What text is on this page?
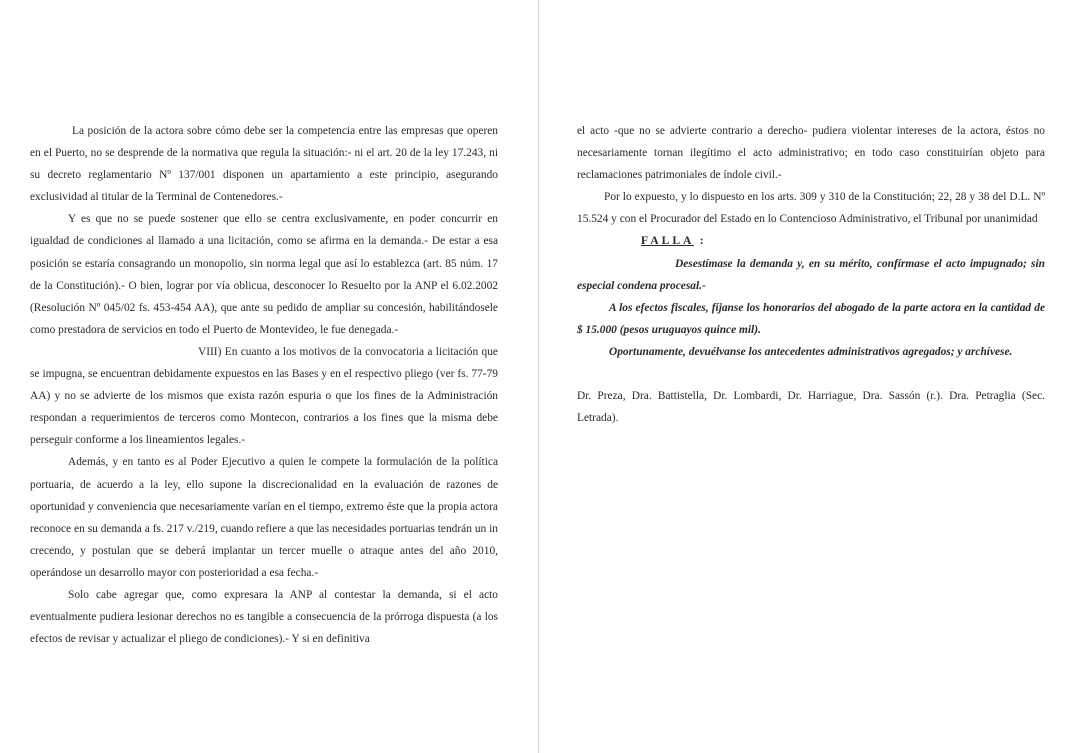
La posición de la actora sobre cómo debe ser la competencia entre las empresas que operen en el Puerto, no se desprende de la normativa que regula la situación:- ni el art. 20 de la ley 17.243, ni su decreto reglamentario Nº 137/001 disponen un apartamiento a este principio, asegurando exclusividad al titular de la Terminal de Contenedores.-

Y es que no se puede sostener que ello se centra exclusivamente, en poder concurrir en igualdad de condiciones al llamado a una licitación, como se afirma en la demanda.- De estar a esa posición se estaría consagrando un monopolio, sin norma legal que así lo establezca (art. 85 núm. 17 de la Constitución).- O bien, lograr por vía oblicua, desconocer lo Resuelto por la ANP el 6.02.2002 (Resolución Nº 045/02 fs. 453-454 AA), que ante su pedido de ampliar su concesión, habilitándosele como prestadora de servicios en todo el Puerto de Montevideo, le fue denegada.-

VIII) En cuanto a los motivos de la convocatoria a licitación que se impugna, se encuentran debidamente expuestos en las Bases y en el respectivo pliego (ver fs. 77-79 AA) y no se advierte de los mismos que exista razón espuria o que los fines de la Administración respondan a requerimientos de terceros como Montecon, contrarios a los fines que la misma debe perseguir conforme a los lineamientos legales.-

Además, y en tanto es al Poder Ejecutivo a quien le compete la formulación de la política portuaria, de acuerdo a la ley, ello supone la discrecionalidad en la evaluación de razones de oportunidad y conveniencia que necesariamente varían en el tiempo, extremo éste que la propia actora reconoce en su demanda a fs. 217 v./219, cuando refiere a que las necesidades portuarias tendrán un in crecendo, y postulan que se deberá implantar un tercer muelle o atraque antes del año 2010, operándose un desarrollo mayor con posterioridad a esa fecha.-

Solo cabe agregar que, como expresara la ANP al contestar la demanda, si el acto eventualmente pudiera lesionar derechos no es tangible a consecuencia de la prórroga dispuesta (a los efectos de revisar y actualizar el pliego de condiciones).- Y si en definitiva

el acto -que no se advierte contrario a derecho- pudiera violentar intereses de la actora, éstos no necesariamente tornan ilegítimo el acto administrativo; en todo caso constituirían objeto para reclamaciones patrimoniales de índole civil.-

Por lo expuesto, y lo dispuesto en los arts. 309 y 310 de la Constitución; 22, 28 y 38 del D.L. Nº 15.524 y con el Procurador del Estado en lo Contencioso Administrativo, el Tribunal por unanimidad

FALLA :

Desestímase la demanda y, en su mérito, confírmase el acto impugnado; sin especial condena procesal.-

A los efectos fiscales, fíjanse los honorarios del abogado de la parte actora en la cantidad de $ 15.000 (pesos uruguayos quince mil).

Oportunamente, devuélvanse los antecedentes administrativos agregados; y archívese.

Dr. Preza, Dra. Battistella, Dr. Lombardi, Dr. Harriague, Dra. Sassón (r.). Dra. Petraglia (Sec. Letrada).
